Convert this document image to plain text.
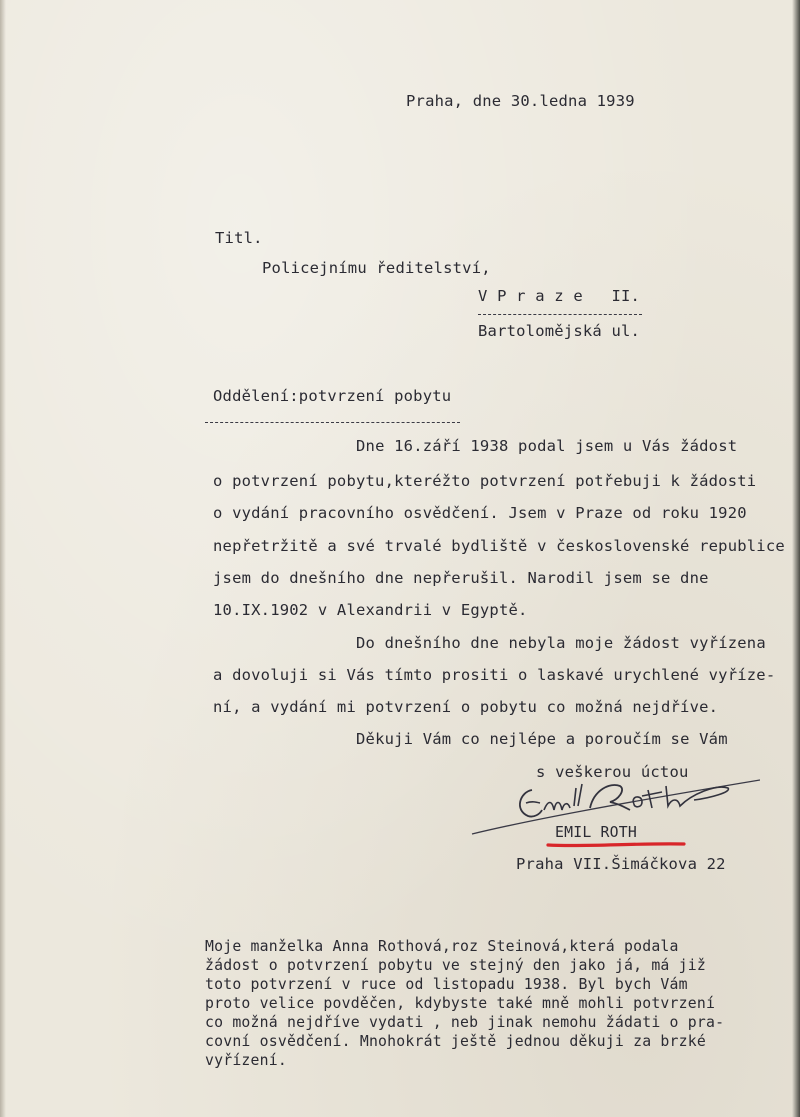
Praha, dne 30.ledna 1939
Titl.
Policejnímu ředitelství,
V P r a z e   II.
Bartolomějská ul.
Oddělení:potvrzení pobytu
Dne 16.září 1938 podal jsem u Vás žádost
o potvrzení pobytu,kteréžto potvrzení potřebuji k žádosti
o vydání pracovního osvědčení. Jsem v Praze od roku 1920
nepřetržitě a své trvalé bydliště v československé republice
jsem do dnešního dne nepřerušil. Narodil jsem se dne
10.IX.1902 v Alexandrii v Egyptě.
Do dnešního dne nebyla moje žádost vyřízena
a dovoluji si Vás tímto prositi o laskavé urychlené vyříze-
ní, a vydání mi potvrzení o pobytu co možná nejdříve.
Děkuji Vám co nejlépe a poroučím se Vám
s veškerou úctou
EMIL ROTH
Praha VII.Šimáčkova 22
Moje manželka Anna Rothová,roz Steinová,která podala
žádost o potvrzení pobytu ve stejný den jako já, má již
toto potvrzení v ruce od listopadu 1938. Byl bych Vám
proto velice povděčen, kdybyste také mně mohli potvrzení
co možná nejdříve vydati , neb jinak nemohu žádati o pra-
covní osvědčení. Mnohokrát ještě jednou děkuji za brzké
vyřízení.
